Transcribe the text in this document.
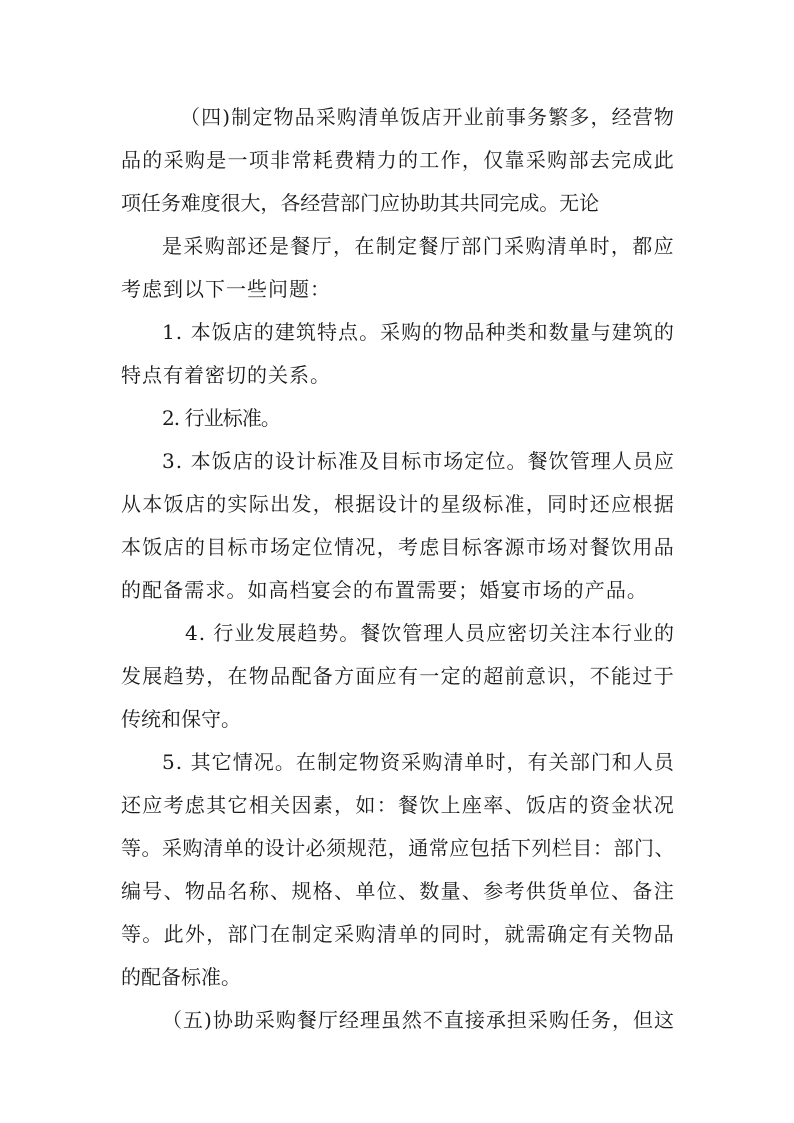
（四)制定物品采购清单饭店开业前事务繁多，经营物

品的采购是一项非常耗费精力的工作，仅靠采购部去完成此

项任务难度很大，各经营部门应协助其共同完成。无论

是采购部还是餐厅，在制定餐厅部门采购清单时，都应

考虑到以下一些问题：

1. 本饭店的建筑特点。采购的物品种类和数量与建筑的

特点有着密切的关系。

2. 行业标准。

3. 本饭店的设计标准及目标市场定位。餐饮管理人员应

从本饭店的实际出发，根据设计的星级标准，同时还应根据

本饭店的目标市场定位情况，考虑目标客源市场对餐饮用品

的配备需求。如高档宴会的布置需要；婚宴市场的产品。

4. 行业发展趋势。餐饮管理人员应密切关注本行业的

发展趋势，在物品配备方面应有一定的超前意识，不能过于

传统和保守。

5. 其它情况。在制定物资采购清单时，有关部门和人员

还应考虑其它相关因素，如：餐饮上座率、饭店的资金状况

等。采购清单的设计必须规范，通常应包括下列栏目：部门、

编号、物品名称、规格、单位、数量、参考供货单位、备注

等。此外，部门在制定采购清单的同时，就需确定有关物品

的配备标准。

（五)协助采购餐厅经理虽然不直接承担采购任务，但这
